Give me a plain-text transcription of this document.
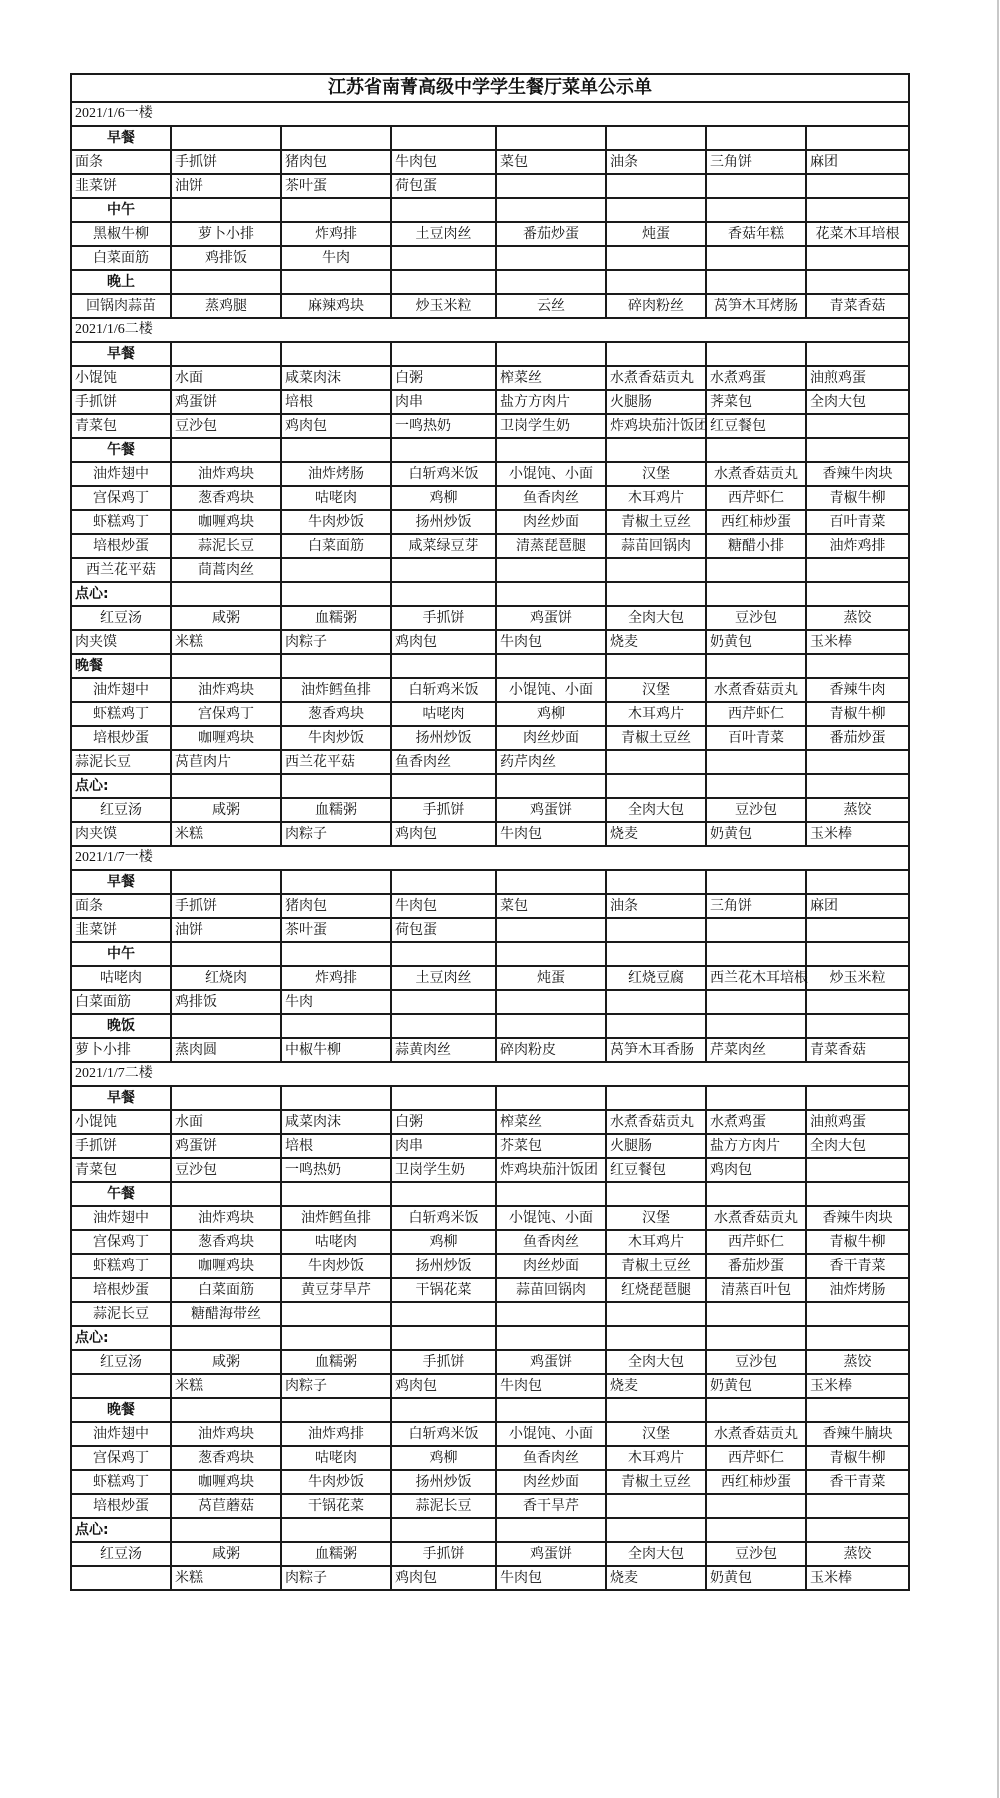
江苏省南菁高级中学学生餐厅菜单公示单							
2021/1/6一楼							
早餐							
面条	手抓饼	猪肉包	牛肉包	菜包	油条	三角饼	麻团
韭菜饼	油饼	茶叶蛋	荷包蛋				
中午							
黑椒牛柳	萝卜小排	炸鸡排	土豆肉丝	番茄炒蛋	炖蛋	香菇年糕	花菜木耳培根
白菜面筋	鸡排饭	牛肉					
晚上							
回锅肉蒜苗	蒸鸡腿	麻辣鸡块	炒玉米粒	云丝	碎肉粉丝	莴笋木耳烤肠	青菜香菇
2021/1/6二楼							
早餐							
小馄饨	水面	咸菜肉沫	白粥	榨菜丝	水煮香菇贡丸	水煮鸡蛋	油煎鸡蛋
手抓饼	鸡蛋饼	培根	肉串	盐方方肉片	火腿肠	荠菜包	全肉大包
青菜包	豆沙包	鸡肉包	一鸣热奶	卫岗学生奶	炸鸡块茄汁饭团	红豆餐包	
午餐							
油炸翅中	油炸鸡块	油炸烤肠	白斩鸡米饭	小馄饨、小面	汉堡	水煮香菇贡丸	香辣牛肉块
宫保鸡丁	葱香鸡块	咕咾肉	鸡柳	鱼香肉丝	木耳鸡片	西芹虾仁	青椒牛柳
虾糕鸡丁	咖喱鸡块	牛肉炒饭	扬州炒饭	肉丝炒面	青椒土豆丝	西红柿炒蛋	百叶青菜
培根炒蛋	蒜泥长豆	白菜面筋	咸菜绿豆芽	清蒸琵琶腿	蒜苗回锅肉	糖醋小排	油炸鸡排
西兰花平菇	茼蒿肉丝						
点心:							
红豆汤	咸粥	血糯粥	手抓饼	鸡蛋饼	全肉大包	豆沙包	蒸饺
肉夹馍	米糕	肉粽子	鸡肉包	牛肉包	烧麦	奶黄包	玉米棒
晚餐							
油炸翅中	油炸鸡块	油炸鳕鱼排	白斩鸡米饭	小馄饨、小面	汉堡	水煮香菇贡丸	香辣牛肉
虾糕鸡丁	宫保鸡丁	葱香鸡块	咕咾肉	鸡柳	木耳鸡片	西芹虾仁	青椒牛柳
培根炒蛋	咖喱鸡块	牛肉炒饭	扬州炒饭	肉丝炒面	青椒土豆丝	百叶青菜	番茄炒蛋
蒜泥长豆	莴苣肉片	西兰花平菇	鱼香肉丝	药芹肉丝			
点心:							
红豆汤	咸粥	血糯粥	手抓饼	鸡蛋饼	全肉大包	豆沙包	蒸饺
肉夹馍	米糕	肉粽子	鸡肉包	牛肉包	烧麦	奶黄包	玉米棒
2021/1/7一楼							
早餐							
面条	手抓饼	猪肉包	牛肉包	菜包	油条	三角饼	麻团
韭菜饼	油饼	茶叶蛋	荷包蛋				
中午							
咕咾肉	红烧肉	炸鸡排	土豆肉丝	炖蛋	红烧豆腐	西兰花木耳培根	炒玉米粒
白菜面筋	鸡排饭	牛肉					
晚饭							
萝卜小排	蒸肉圆	中椒牛柳	蒜黄肉丝	碎肉粉皮	莴笋木耳香肠	芹菜肉丝	青菜香菇
2021/1/7二楼							
早餐							
小馄饨	水面	咸菜肉沫	白粥	榨菜丝	水煮香菇贡丸	水煮鸡蛋	油煎鸡蛋
手抓饼	鸡蛋饼	培根	肉串	芥菜包	火腿肠	盐方方肉片	全肉大包
青菜包	豆沙包	一鸣热奶	卫岗学生奶	炸鸡块茄汁饭团	红豆餐包	鸡肉包	
午餐							
油炸翅中	油炸鸡块	油炸鳕鱼排	白斩鸡米饭	小馄饨、小面	汉堡	水煮香菇贡丸	香辣牛肉块
宫保鸡丁	葱香鸡块	咕咾肉	鸡柳	鱼香肉丝	木耳鸡片	西芹虾仁	青椒牛柳
虾糕鸡丁	咖喱鸡块	牛肉炒饭	扬州炒饭	肉丝炒面	青椒土豆丝	番茄炒蛋	香干青菜
培根炒蛋	白菜面筋	黄豆芽旱芹	干锅花菜	蒜苗回锅肉	红烧琵琶腿	清蒸百叶包	油炸烤肠
蒜泥长豆	糖醋海带丝						
点心:							
红豆汤	咸粥	血糯粥	手抓饼	鸡蛋饼	全肉大包	豆沙包	蒸饺
	米糕	肉粽子	鸡肉包	牛肉包	烧麦	奶黄包	玉米棒
晚餐							
油炸翅中	油炸鸡块	油炸鸡排	白斩鸡米饭	小馄饨、小面	汉堡	水煮香菇贡丸	香辣牛腩块
宫保鸡丁	葱香鸡块	咕咾肉	鸡柳	鱼香肉丝	木耳鸡片	西芹虾仁	青椒牛柳
虾糕鸡丁	咖喱鸡块	牛肉炒饭	扬州炒饭	肉丝炒面	青椒土豆丝	西红柿炒蛋	香干青菜
培根炒蛋	莴苣蘑菇	干锅花菜	蒜泥长豆	香干旱芹			
点心:							
红豆汤	咸粥	血糯粥	手抓饼	鸡蛋饼	全肉大包	豆沙包	蒸饺
	米糕	肉粽子	鸡肉包	牛肉包	烧麦	奶黄包	玉米棒
